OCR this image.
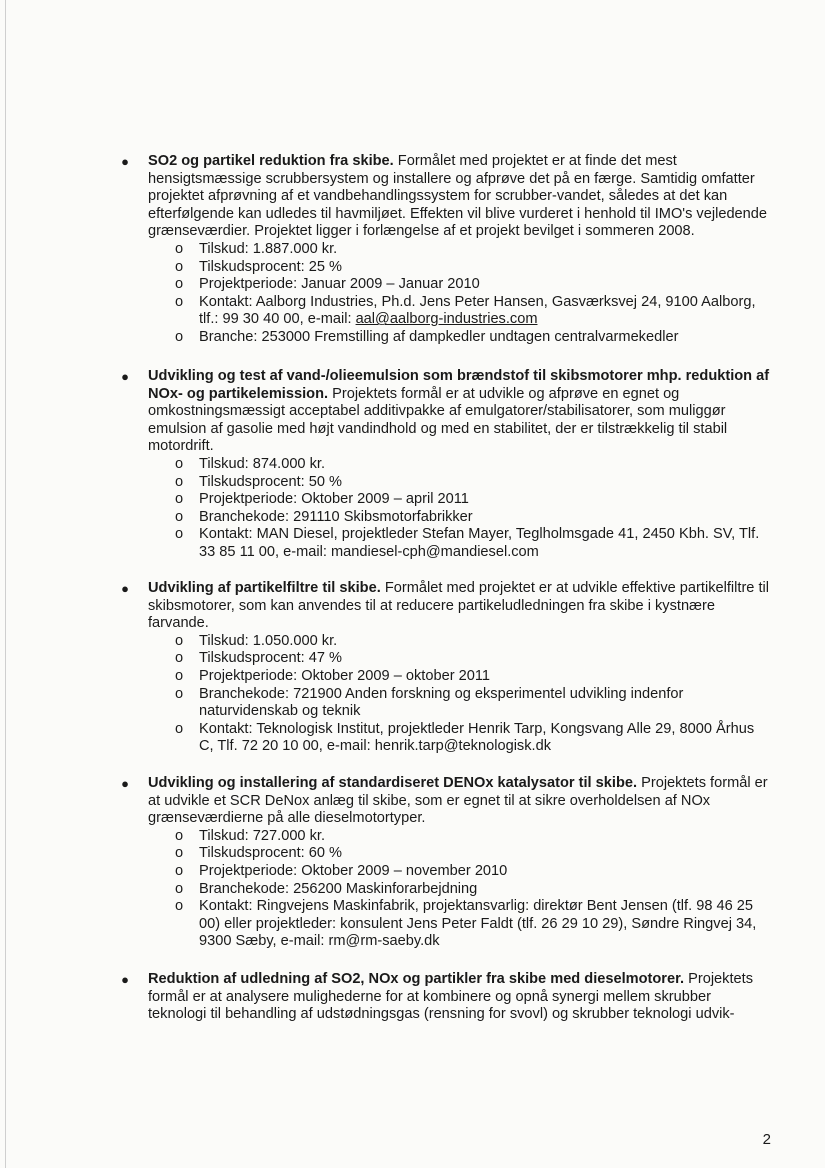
● SO2 og partikel reduktion fra skibe. Formålet med projektet er at finde det mest hensigtsmæssige scrubbersystem og installere og afprøve det på en færge. Samtidig omfatter projektet afprøvning af et vandbehandlingssystem for scrubber-vandet, således at det kan efterfølgende kan udledes til havmiljøet. Effekten vil blive vurderet i henhold til IMO's vejledende grænseværdier. Projektet ligger i forlængelse af et projekt bevilget i sommeren 2008.
o Tilskud: 1.887.000 kr.
o Tilskudsprocent: 25 %
o Projektperiode: Januar 2009 – Januar 2010
o Kontakt: Aalborg Industries, Ph.d. Jens Peter Hansen, Gasværksvej 24, 9100 Aalborg, tlf.: 99 30 40 00, e-mail: aal@aalborg-industries.com
o Branche: 253000 Fremstilling af dampkedler undtagen centralvarmekedler
● Udvikling og test af vand-/olieemulsion som brændstof til skibsmotorer mhp. reduktion af NOx- og partikelemission. Projektets formål er at udvikle og afprøve en egnet og omkostningsmæssigt acceptabel additivpakke af emulgatorer/stabilisatorer, som muliggør emulsion af gasolie med højt vandindhold og med en stabilitet, der er tilstrækkelig til stabil motordrift.
o Tilskud: 874.000 kr.
o Tilskudsprocent: 50 %
o Projektperiode: Oktober 2009 – april 2011
o Branchekode: 291110 Skibsmotorfabrikker
o Kontakt: MAN Diesel, projektleder Stefan Mayer, Teglholmsgade 41, 2450 Kbh. SV, Tlf. 33 85 11 00, e-mail: mandiesel-cph@mandiesel.com
● Udvikling af partikelfiltre til skibe. Formålet med projektet er at udvikle effektive partikelfiltre til skibsmotorer, som kan anvendes til at reducere partikeludledningen fra skibe i kystnære farvande.
o Tilskud: 1.050.000 kr.
o Tilskudsprocent: 47 %
o Projektperiode: Oktober 2009 – oktober 2011
o Branchekode: 721900 Anden forskning og eksperimentel udvikling indenfor naturvidenskab og teknik
o Kontakt: Teknologisk Institut, projektleder Henrik Tarp, Kongsvang Alle 29, 8000 Århus C, Tlf. 72 20 10 00, e-mail: henrik.tarp@teknologisk.dk
● Udvikling og installering af standardiseret DENOx katalysator til skibe. Projektets formål er at udvikle et SCR DeNox anlæg til skibe, som er egnet til at sikre overholdelsen af NOx grænseværdierne på alle dieselmotortyper.
o Tilskud: 727.000 kr.
o Tilskudsprocent: 60 %
o Projektperiode: Oktober 2009 – november 2010
o Branchekode: 256200 Maskinforarbejdning
o Kontakt: Ringvejens Maskinfabrik, projektansvarlig: direktør Bent Jensen (tlf. 98 46 25 00) eller projektleder: konsulent Jens Peter Faldt (tlf. 26 29 10 29), Søndre Ringvej 34, 9300 Sæby, e-mail: rm@rm-saeby.dk
● Reduktion af udledning af SO2, NOx og partikler fra skibe med dieselmotorer. Projektets formål er at analysere mulighederne for at kombinere og opnå synergi mellem skrubber teknologi til behandling af udstødningsgas (rensning for svovl) og skrubber teknologi udvik-
2
